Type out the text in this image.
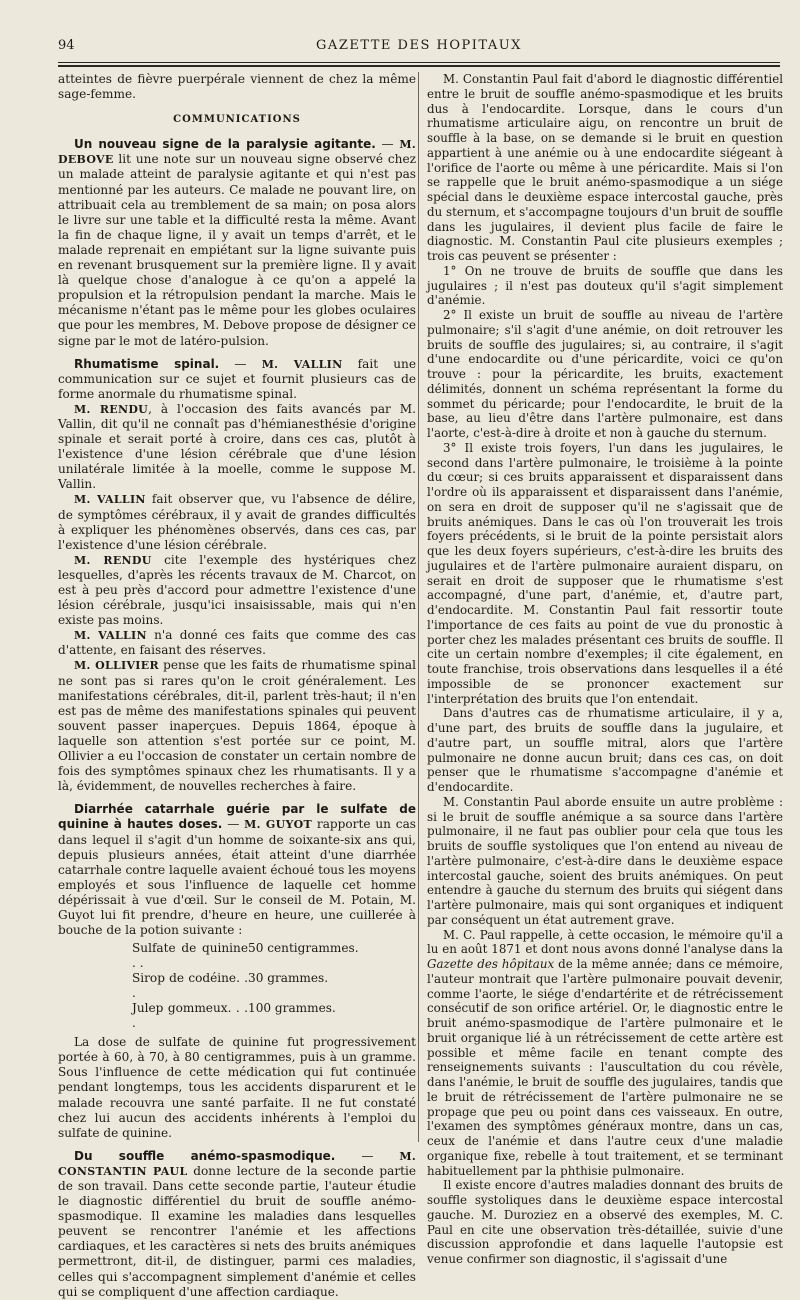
94	GAZETTE DES HOPITAUX

atteintes de fièvre puerpérale viennent de chez la même sage-femme.

COMMUNICATIONS

Un nouveau signe de la paralysie agitante. — M. DEBOVE lit une note sur un nouveau signe observé chez un malade atteint de paralysie agitante et qui n'est pas mentionné par les auteurs. Ce malade ne pouvant lire, on attribuait cela au tremblement de sa main; on posa alors le livre sur une table et la difficulté resta la même. Avant la fin de chaque ligne, il y avait un temps d'arrêt, et le malade reprenait en empiétant sur la ligne suivante puis en revenant brusquement sur la première ligne. Il y avait là quelque chose d'analogue à ce qu'on a appelé la propulsion et la rétropulsion pendant la marche. Mais le mécanisme n'étant pas le même pour les globes oculaires que pour les membres, M. Debove propose de désigner ce signe par le mot de latéro-pulsion.

Rhumatisme spinal. — M. VALLIN fait une communication sur ce sujet et fournit plusieurs cas de forme anormale du rhumatisme spinal.

M. RENDU, à l'occasion des faits avancés par M. Vallin, dit qu'il ne connaît pas d'hémianesthésie d'origine spinale et serait porté à croire, dans ces cas, plutôt à l'existence d'une lésion cérébrale que d'une lésion unilatérale limitée à la moelle, comme le suppose M. Vallin.

M. VALLIN fait observer que, vu l'absence de délire, de symptômes cérébraux, il y avait de grandes difficultés à expliquer les phénomènes observés, dans ces cas, par l'existence d'une lésion cérébrale.

M. RENDU cite l'exemple des hystériques chez lesquelles, d'après les récents travaux de M. Charcot, on est à peu près d'accord pour admettre l'existence d'une lésion cérébrale, jusqu'ici insaisissable, mais qui n'en existe pas moins.

M. VALLIN n'a donné ces faits que comme des cas d'attente, en faisant des réserves.

M. OLLIVIER pense que les faits de rhumatisme spinal ne sont pas si rares qu'on le croit généralement. Les manifestations cérébrales, dit-il, parlent très-haut; il n'en est pas de même des manifestations spinales qui peuvent souvent passer inaperçues. Depuis 1864, époque à laquelle son attention s'est portée sur ce point, M. Ollivier a eu l'occasion de constater un certain nombre de fois des symptômes spinaux chez les rhumatisants. Il y a là, évidemment, de nouvelles recherches à faire.

Diarrhée catarrhale guérie par le sulfate de quinine à hautes doses. — M. GUYOT rapporte un cas dans lequel il s'agit d'un homme de soixante-six ans qui, depuis plusieurs années, était atteint d'une diarrhée catarrhale contre laquelle avaient échoué tous les moyens employés et sous l'influence de laquelle cet homme dépérissait à vue d'œil. Sur le conseil de M. Potain, M. Guyot lui fit prendre, d'heure en heure, une cuillerée à bouche de la potion suivante :

Sulfate de quinine . .
50 centigrammes.
Sirop de codéine. . .
30 grammes.
Julep gommeux. . . .
100 grammes.

La dose de sulfate de quinine fut progressivement portée à 60, à 70, à 80 centigrammes, puis à un gramme. Sous l'influence de cette médication qui fut continuée pendant longtemps, tous les accidents disparurent et le malade recouvra une santé parfaite. Il ne fut constaté chez lui aucun des accidents inhérents à l'emploi du sulfate de quinine.

Du souffle anémo-spasmodique. — M. CONSTANTIN PAUL donne lecture de la seconde partie de son travail. Dans cette seconde partie, l'auteur étudie le diagnostic différentiel du bruit de souffle anémo-spasmodique. Il examine les maladies dans lesquelles peuvent se rencontrer l'anémie et les affections cardiaques, et les caractères si nets des bruits anémiques permettront, dit-il, de distinguer, parmi ces maladies, celles qui s'accompagnent simplement d'anémie et celles qui se compliquent d'une affection cardiaque.

M. Constantin Paul fait d'abord le diagnostic différentiel entre le bruit de souffle anémo-spasmodique et les bruits dus à l'endocardite. Lorsque, dans le cours d'un rhumatisme articulaire aigu, on rencontre un bruit de souffle à la base, on se demande si le bruit en question appartient à une anémie ou à une endocardite siégeant à l'orifice de l'aorte ou même à une péricardite. Mais si l'on se rappelle que le bruit anémo-spasmodique a un siége spécial dans le deuxième espace intercostal gauche, près du sternum, et s'accompagne toujours d'un bruit de souffle dans les jugulaires, il devient plus facile de faire le diagnostic. M. Constantin Paul cite plusieurs exemples ; trois cas peuvent se présenter :

1° On ne trouve de bruits de souffle que dans les jugulaires ; il n'est pas douteux qu'il s'agit simplement d'anémie.

2° Il existe un bruit de souffle au niveau de l'artère pulmonaire; s'il s'agit d'une anémie, on doit retrouver les bruits de souffle des jugulaires; si, au contraire, il s'agit d'une endocardite ou d'une péricardite, voici ce qu'on trouve : pour la péricardite, les bruits, exactement délimités, donnent un schéma représentant la forme du sommet du péricarde; pour l'endocardite, le bruit de la base, au lieu d'être dans l'artère pulmonaire, est dans l'aorte, c'est-à-dire à droite et non à gauche du sternum.

3° Il existe trois foyers, l'un dans les jugulaires, le second dans l'artère pulmonaire, le troisième à la pointe du cœur; si ces bruits apparaissent et disparaissent dans l'ordre où ils apparaissent et disparaissent dans l'anémie, on sera en droit de supposer qu'il ne s'agissait que de bruits anémiques. Dans le cas où l'on trouverait les trois foyers précédents, si le bruit de la pointe persistait alors que les deux foyers supérieurs, c'est-à-dire les bruits des jugulaires et de l'artère pulmonaire auraient disparu, on serait en droit de supposer que le rhumatisme s'est accompagné, d'une part, d'anémie, et, d'autre part, d'endocardite. M. Constantin Paul fait ressortir toute l'importance de ces faits au point de vue du pronostic à porter chez les malades présentant ces bruits de souffle. Il cite un certain nombre d'exemples; il cite également, en toute franchise, trois observations dans lesquelles il a été impossible de se prononcer exactement sur l'interprétation des bruits que l'on entendait.

Dans d'autres cas de rhumatisme articulaire, il y a, d'une part, des bruits de souffle dans la jugulaire, et d'autre part, un souffle mitral, alors que l'artère pulmonaire ne donne aucun bruit; dans ces cas, on doit penser que le rhumatisme s'accompagne d'anémie et d'endocardite.

M. Constantin Paul aborde ensuite un autre problème : si le bruit de souffle anémique a sa source dans l'artère pulmonaire, il ne faut pas oublier pour cela que tous les bruits de souffle systoliques que l'on entend au niveau de l'artère pulmonaire, c'est-à-dire dans le deuxième espace intercostal gauche, soient des bruits anémiques. On peut entendre à gauche du sternum des bruits qui siégent dans l'artère pulmonaire, mais qui sont organiques et indiquent par conséquent un état autrement grave.

M. C. Paul rappelle, à cette occasion, le mémoire qu'il a lu en août 1871 et dont nous avons donné l'analyse dans la Gazette des hôpitaux de la même année; dans ce mémoire, l'auteur montrait que l'artère pulmonaire pouvait devenir, comme l'aorte, le siége d'endartérite et de rétrécissement consécutif de son orifice artériel. Or, le diagnostic entre le bruit anémo-spasmodique de l'artère pulmonaire et le bruit organique lié à un rétrécissement de cette artère est possible et même facile en tenant compte des renseignements suivants : l'auscultation du cou révèle, dans l'anémie, le bruit de souffle des jugulaires, tandis que le bruit de rétrécissement de l'artère pulmonaire ne se propage que peu ou point dans ces vaisseaux. En outre, l'examen des symptômes généraux montre, dans un cas, ceux de l'anémie et dans l'autre ceux d'une maladie organique fixe, rebelle à tout traitement, et se terminant habituellement par la phthisie pulmonaire.

Il existe encore d'autres maladies donnant des bruits de souffle systoliques dans le deuxième espace intercostal gauche. M. Duroziez en a observé des exemples, M. C. Paul en cite une observation très-détaillée, suivie d'une discussion approfondie et dans laquelle l'autopsie est venue confirmer son diagnostic, il s'agissait d'une
